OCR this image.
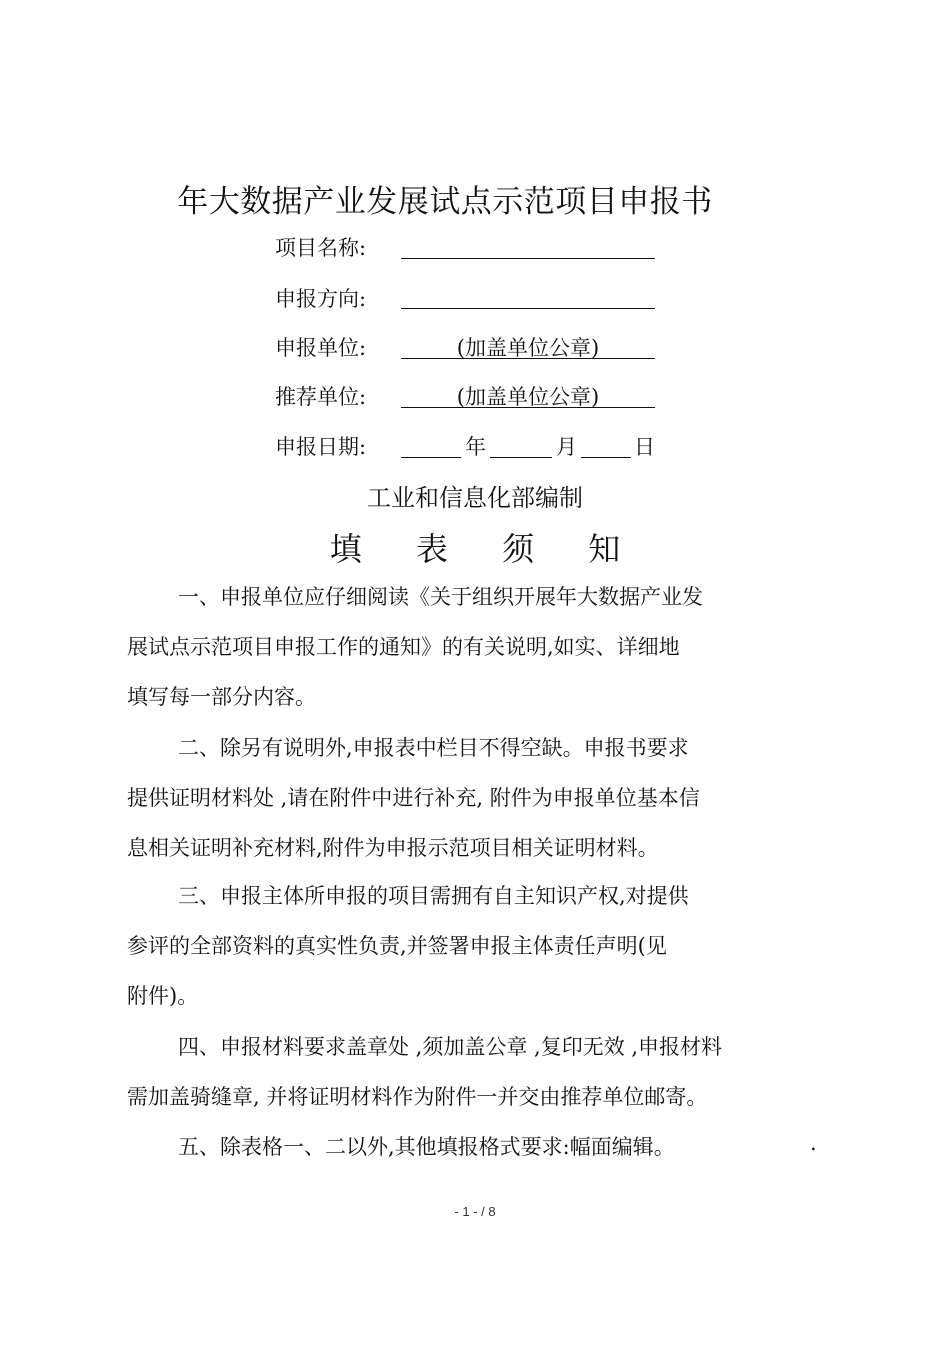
年大数据产业发展试点示范项目申报书
项目名称:
申报方向:
申报单位:	(加盖单位公章)
推荐单位:	(加盖单位公章)
申报日期:	年	月	日
工业和信息化部编制
填 表 须 知
一、申报单位应仔细阅读《关于组织开展年大数据产业发
展试点示范项目申报工作的通知》的有关说明,如实、详细地
填写每一部分内容。
二、除另有说明外,申报表中栏目不得空缺。申报书要求
提供证明材料处 ,请在附件中进行补充, 附件为申报单位基本信
息相关证明补充材料,附件为申报示范项目相关证明材料。
三、申报主体所申报的项目需拥有自主知识产权,对提供
参评的全部资料的真实性负责,并签署申报主体责任声明(见
附件)。
四、申报材料要求盖章处 ,须加盖公章 ,复印无效 ,申报材料
需加盖骑缝章, 并将证明材料作为附件一并交由推荐单位邮寄。
五、除表格一、二以外,其他填报格式要求:幅面编辑。	.
- 1 - / 8
